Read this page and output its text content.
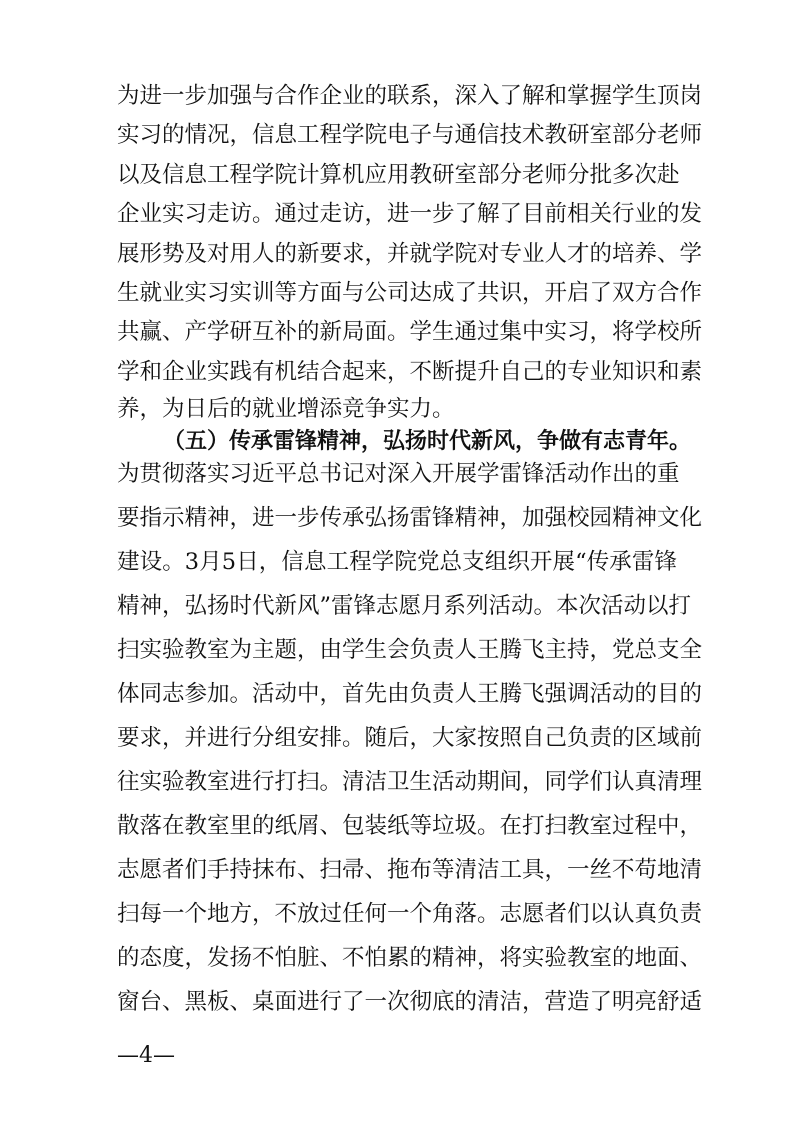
为进一步加强与合作企业的联系，深入了解和掌握学生顶岗
实习的情况，信息工程学院电子与通信技术教研室部分老师
以及信息工程学院计算机应用教研室部分老师分批多次赴
企业实习走访。通过走访，进一步了解了目前相关行业的发
展形势及对用人的新要求，并就学院对专业人才的培养、学
生就业实习实训等方面与公司达成了共识，开启了双方合作
共赢、产学研互补的新局面。学生通过集中实习，将学校所
学和企业实践有机结合起来，不断提升自己的专业知识和素
养，为日后的就业增添竞争实力。
（五）传承雷锋精神，弘扬时代新风，争做有志青年。
为贯彻落实习近平总书记对深入开展学雷锋活动作出的重
要指示精神，进一步传承弘扬雷锋精神，加强校园精神文化
建设。3月5日，信息工程学院党总支组织开展“传承雷锋
精神，弘扬时代新风”雷锋志愿月系列活动。本次活动以打
扫实验教室为主题，由学生会负责人王腾飞主持，党总支全
体同志参加。活动中，首先由负责人王腾飞强调活动的目的
要求，并进行分组安排。随后，大家按照自己负责的区域前
往实验教室进行打扫。清洁卫生活动期间，同学们认真清理
散落在教室里的纸屑、包装纸等垃圾。在打扫教室过程中，
志愿者们手持抹布、扫帚、拖布等清洁工具，一丝不苟地清
扫每一个地方，不放过任何一个角落。志愿者们以认真负责
的态度，发扬不怕脏、不怕累的精神，将实验教室的地面、
窗台、黑板、桌面进行了一次彻底的清洁，营造了明亮舒适
—4—
